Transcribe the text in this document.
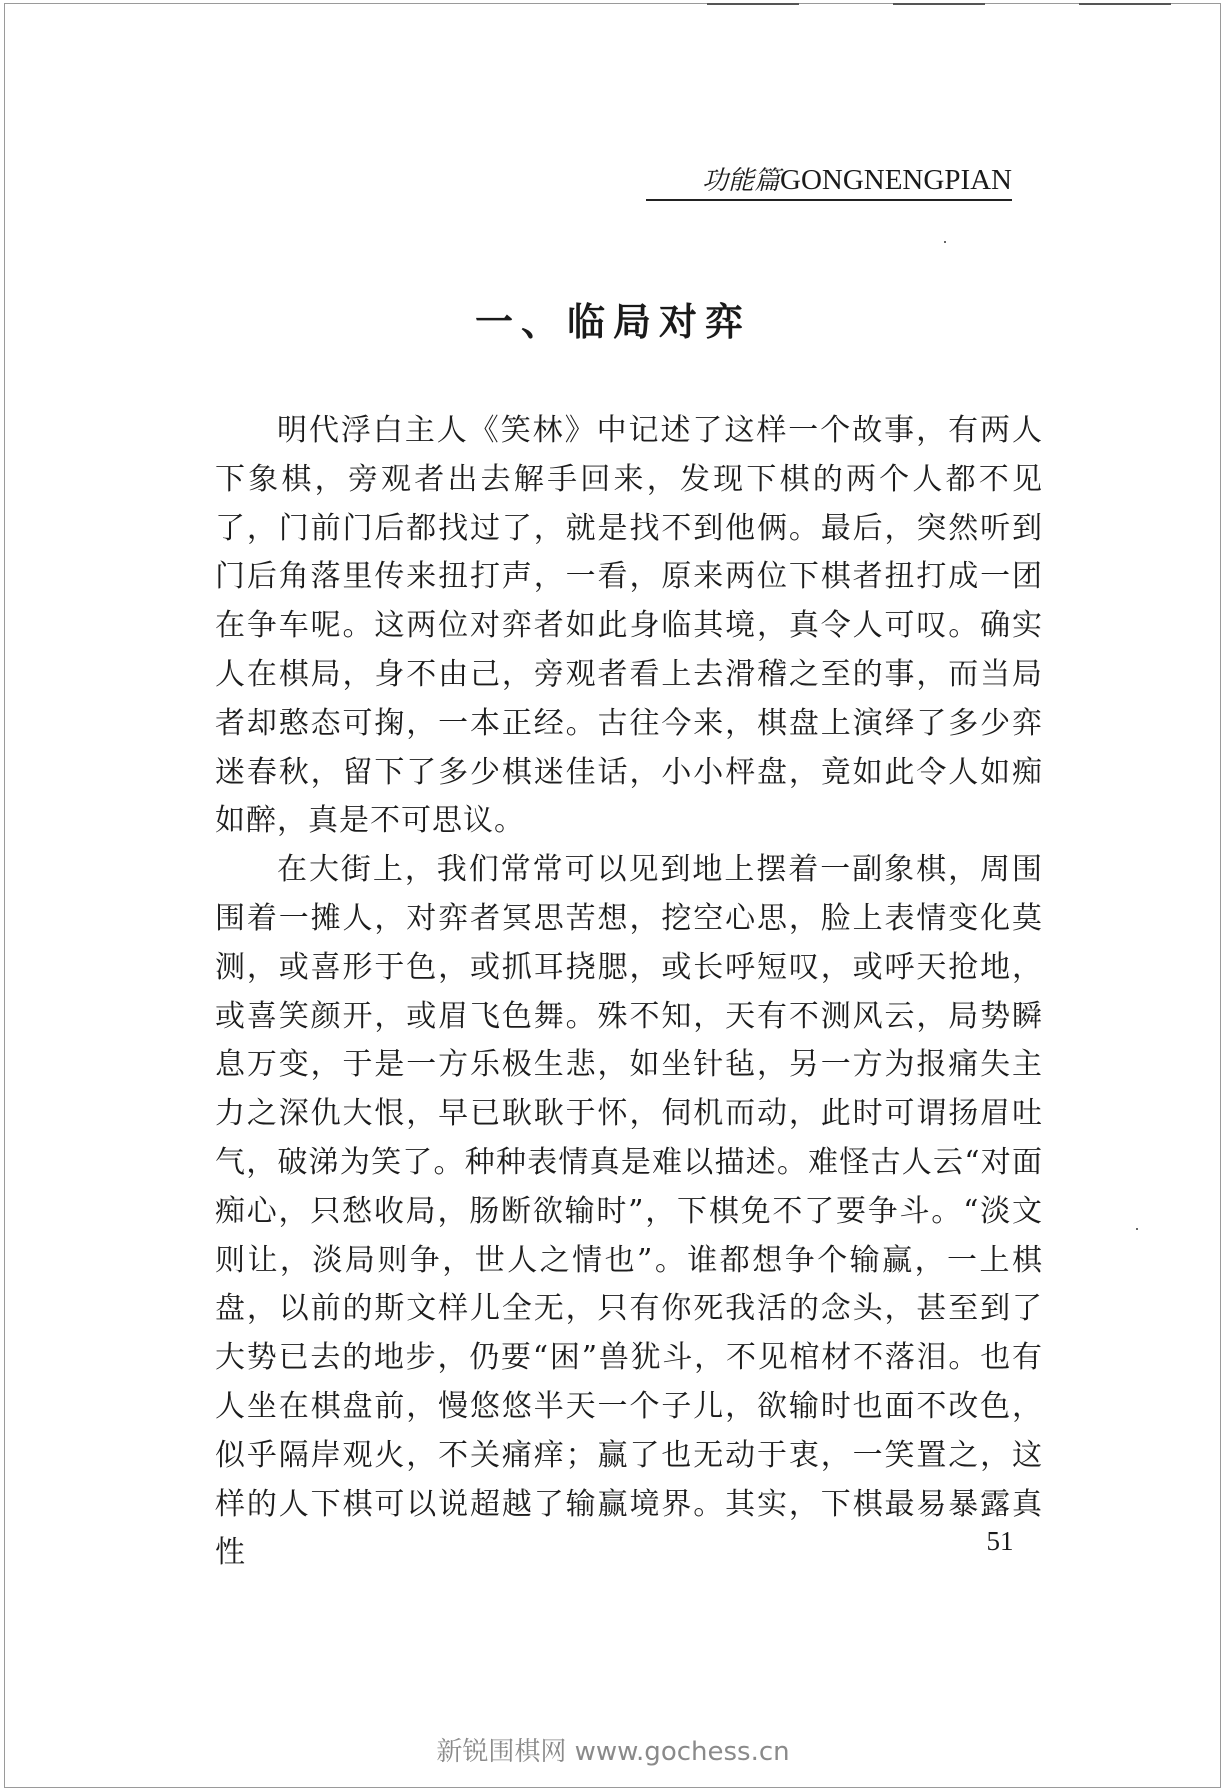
功能篇GONGNENGPIAN
一、临局对弈

明代浮白主人《笑林》中记述了这样一个故事，有两人下象棋，旁观者出去解手回来，发现下棋的两个人都不见了，门前门后都找过了，就是找不到他俩。最后，突然听到门后角落里传来扭打声，一看，原来两位下棋者扭打成一团在争车呢。这两位对弈者如此身临其境，真令人可叹。确实人在棋局，身不由己，旁观者看上去滑稽之至的事，而当局者却憨态可掬，一本正经。古往今来，棋盘上演绎了多少弈迷春秋，留下了多少棋迷佳话，小小枰盘，竟如此令人如痴如醉，真是不可思议。

在大街上，我们常常可以见到地上摆着一副象棋，周围围着一摊人，对弈者冥思苦想，挖空心思，脸上表情变化莫测，或喜形于色，或抓耳挠腮，或长呼短叹，或呼天抢地，或喜笑颜开，或眉飞色舞。殊不知，天有不测风云，局势瞬息万变，于是一方乐极生悲，如坐针毡，另一方为报痛失主力之深仇大恨，早已耿耿于怀，伺机而动，此时可谓扬眉吐气，破涕为笑了。种种表情真是难以描述。难怪古人云“对面痴心，只愁收局，肠断欲输时”，下棋免不了要争斗。“淡文则让，淡局则争，世人之情也”。谁都想争个输赢，一上棋盘，以前的斯文样儿全无，只有你死我活的念头，甚至到了大势已去的地步，仍要“困”兽犹斗，不见棺材不落泪。也有人坐在棋盘前，慢悠悠半天一个子儿，欲输时也面不改色，似乎隔岸观火，不关痛痒；赢了也无动于衷，一笑置之，这样的人下棋可以说超越了输赢境界。其实，下棋最易暴露真性	51
新锐围棋网 www.gochess.cn
